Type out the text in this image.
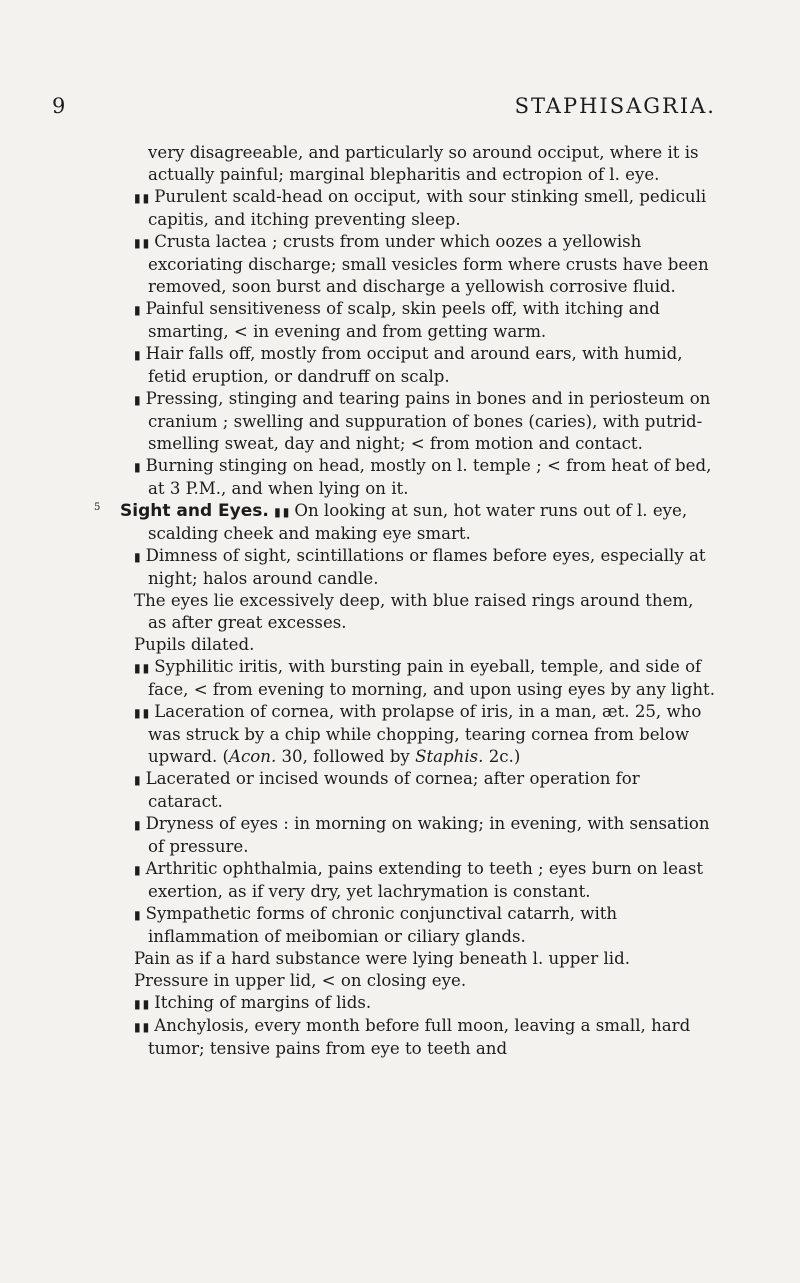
9	STAPHISAGRIA.

very disagreeable, and particularly so around occiput, where it is actually painful; marginal blepharitis and ectropion of l. eye.

▮▮ Purulent scald-head on occiput, with sour stinking smell, pediculi capitis, and itching preventing sleep.

▮▮ Crusta lactea ; crusts from under which oozes a yellowish excoriating discharge; small vesicles form where crusts have been removed, soon burst and discharge a yellowish corrosive fluid.

▮ Painful sensitiveness of scalp, skin peels off, with itching and smarting, < in evening and from getting warm.

▮ Hair falls off, mostly from occiput and around ears, with humid, fetid eruption, or dandruff on scalp.

▮ Pressing, stinging and tearing pains in bones and in periosteum on cranium ; swelling and suppuration of bones (caries), with putrid-smelling sweat, day and night; < from motion and contact.

▮ Burning stinging on head, mostly on l. temple ; < from heat of bed, at 3 P.M., and when lying on it.

5	Sight and Eyes. ▮▮ On looking at sun, hot water runs out of l. eye, scalding cheek and making eye smart.

▮ Dimness of sight, scintillations or flames before eyes, especially at night; halos around candle.

The eyes lie excessively deep, with blue raised rings around them, as after great excesses.

Pupils dilated.

▮▮ Syphilitic iritis, with bursting pain in eyeball, temple, and side of face, < from evening to morning, and upon using eyes by any light.

▮▮ Laceration of cornea, with prolapse of iris, in a man, æt. 25, who was struck by a chip while chopping, tearing cornea from below upward. (Acon. 30, followed by Staphis. 2c.)

▮ Lacerated or incised wounds of cornea; after operation for cataract.

▮ Dryness of eyes : in morning on waking; in evening, with sensation of pressure.

▮ Arthritic ophthalmia, pains extending to teeth ; eyes burn on least exertion, as if very dry, yet lachrymation is constant.

▮ Sympathetic forms of chronic conjunctival catarrh, with inflammation of meibomian or ciliary glands.

Pain as if a hard substance were lying beneath l. upper lid.

Pressure in upper lid, < on closing eye.

▮▮ Itching of margins of lids.

▮▮ Anchylosis, every month before full moon, leaving a small, hard tumor; tensive pains from eye to teeth and
